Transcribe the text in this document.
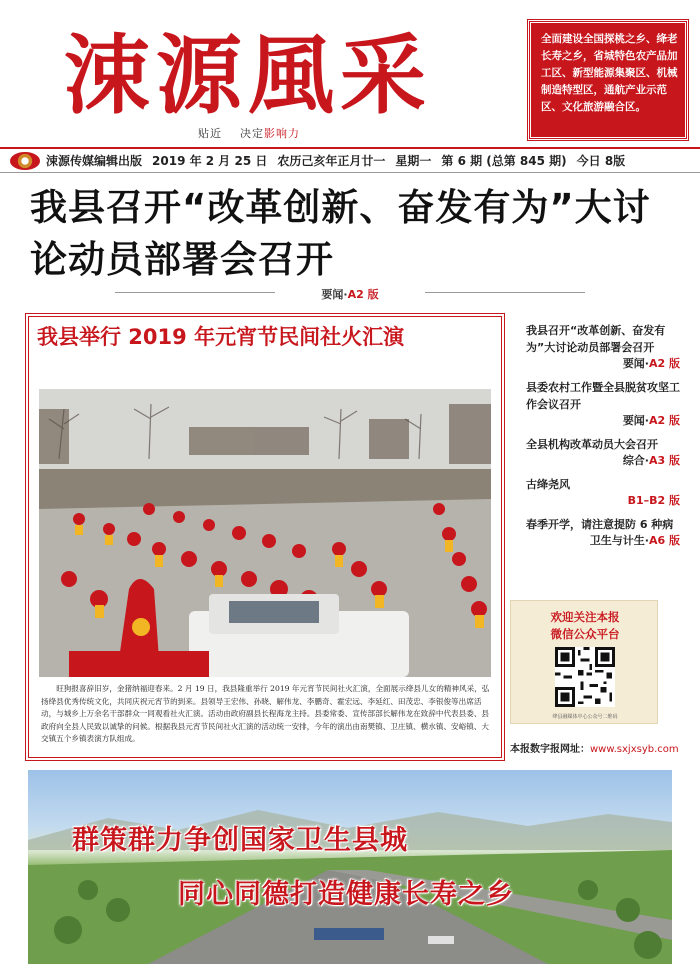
涑源風采
贴近 决定影响力
全面建设全国探桃之乡、绛老长寿之乡，省城特色农产品加工区、新型能源集聚区、机械制造特型区，通航产业示范区、文化旅游融合区。
涑源传媒编辑出版 2019 年 2 月 25 日 农历己亥年正月廿一 星期一 第 6 期 (总第 845 期) 今日 8版
我县召开“改革创新、奋发有为”大讨论动员部署会召开
要闻·A2 版
我县举行 2019 年元宵节民间社火汇演
旺狗报喜辞旧岁，金猪纳福迎春来。2 月 19 日，我县隆重举行 2019 年元宵节民间社火汇演，全面展示绛县儿女的精神风采，弘扬绛县优秀传统文化，共同庆祝元宵节的到来。县领导王宏伟、孙晓、解伟龙、李鹏奇、霍宏远、李延红、田茂忠、李银俊等出席活动，与城乡上万余名干部群众一同观看社火汇演。活动由政府副县长程海龙主持。县委常委、宣传部部长解伟龙在致辞中代表县委、县政府向全县人民致以诚挚的问候。根据我县元宵节民间社火汇演的活动统一安排，今年的演出由南樊镇、卫庄镇、横水镇、安峪镇、大交镇五个乡镇表演方队组成。
我县召开“改革创新、奋发有为”大讨论动员部署会召开
要闻·A2 版
县委农村工作暨全县脱贫攻坚工作会议召开
要闻·A2 版
全县机构改革动员大会召开
综合·A3 版
古绛尧风
B1–B2 版
春季开学，请注意提防 6 种病
卫生与计生·A6 版
欢迎关注本报
微信公众平台
绛县融媒体中心公众号二维码
本报数字报网址：www.sxjxsyb.com
群策群力争创国家卫生县城
同心同德打造健康长寿之乡
